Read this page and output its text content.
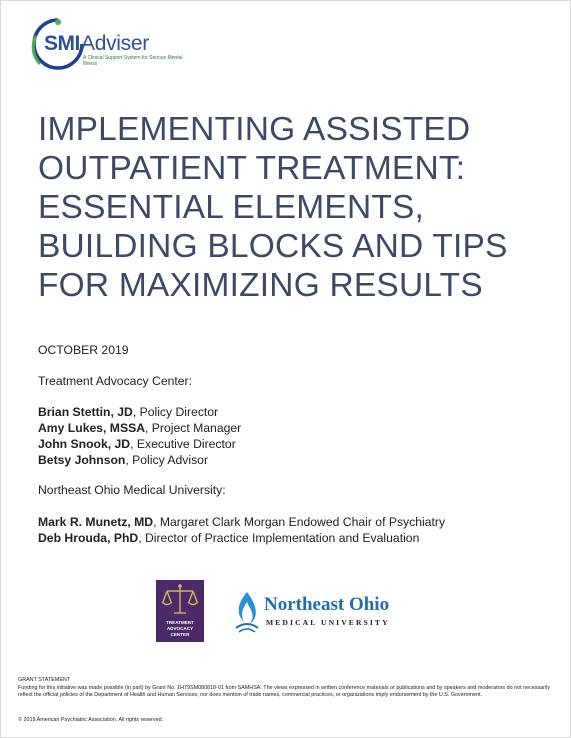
SMI Adviser
A Clinical Support System for Serious Mental Illness
IMPLEMENTING ASSISTED
OUTPATIENT TREATMENT:
ESSENTIAL ELEMENTS,
BUILDING BLOCKS AND TIPS
FOR MAXIMIZING RESULTS
OCTOBER 2019
Treatment Advocacy Center:
Brian Stettin, JD, Policy Director
Amy Lukes, MSSA, Project Manager
John Snook, JD, Executive Director
Betsy Johnson, Policy Advisor
Northeast Ohio Medical University:
Mark R. Munetz, MD, Margaret Clark Morgan Endowed Chair of Psychiatry
Deb Hrouda, PhD, Director of Practice Implementation and Evaluation
TREATMENT
ADVOCACY
CENTER
Northeast Ohio
MEDICAL UNIVERSITY
GRANT STATEMENT
Funding for this initiative was made possible (in part) by Grant No. 1H79SM080818-01 from SAMHSA. The views expressed in written conference materials or publications and by speakers and moderators do not necessarily reflect the official policies of the Department of Health and Human Services; nor does mention of trade names, commercial practices, or organizations imply endorsement by the U.S. Government.
© 2019 American Psychiatric Association. All rights reserved.
